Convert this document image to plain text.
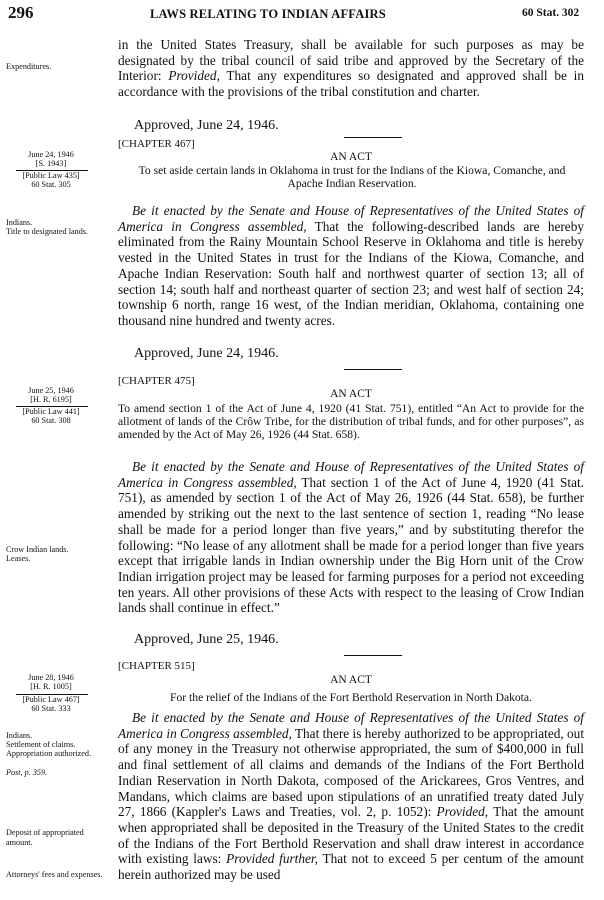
296	LAWS RELATING TO INDIAN AFFAIRS	60 Stat. 302
in the United States Treasury, shall be available for such purposes as may be designated by the tribal council of said tribe and approved by the Secretary of the Interior: Provided, That any expenditures so designated and approved shall be in accordance with the provisions of the tribal constitution and charter.
Expenditures.
Approved, June 24, 1946.
[CHAPTER 467]
AN ACT
To set aside certain lands in Oklahoma in trust for the Indians of the Kiowa, Comanche, and Apache Indian Reservation.
June 24, 1946
[S. 1943]
[Public Law 435]
60 Stat. 305
Be it enacted by the Senate and House of Representatives of the United States of America in Congress assembled, That the following-described lands are hereby eliminated from the Rainy Mountain School Reserve in Oklahoma and title is hereby vested in the United States in trust for the Indians of the Kiowa, Comanche, and Apache Indian Reservation: South half and northwest quarter of section 13; all of section 14; south half and northeast quarter of section 23; and west half of section 24; township 6 north, range 16 west, of the Indian meridian, Oklahoma, containing one thousand nine hundred and twenty acres.
Indians.
Title to designated lands.
Approved, June 24, 1946.
[CHAPTER 475]
AN ACT
To amend section 1 of the Act of June 4, 1920 (41 Stat. 751), entitled “An Act to provide for the allotment of lands of the Crôw Tribe, for the distribution of tribal funds, and for other purposes”, as amended by the Act of May 26, 1926 (44 Stat. 658).
June 25, 1946
[H. R. 6195]
[Public Law 441]
60 Stat. 308
Be it enacted by the Senate and House of Representatives of the United States of America in Congress assembled, That section 1 of the Act of June 4, 1920 (41 Stat. 751), as amended by section 1 of the Act of May 26, 1926 (44 Stat. 658), be further amended by striking out the next to the last sentence of section 1, reading “No lease shall be made for a period longer than five years,” and by substituting therefor the following: “No lease of any allotment shall be made for a period longer than five years except that irrigable lands in Indian ownership under the Big Horn unit of the Crow Indian irrigation project may be leased for farming purposes for a period not exceeding ten years. All other provisions of these Acts with respect to the leasing of Crow Indian lands shall continue in effect.”
Crow Indian lands.
Leases.
Approved, June 25, 1946.
[CHAPTER 515]
AN ACT
For the relief of the Indians of the Fort Berthold Reservation in North Dakota.
June 28, 1946
[H. R. 1005]
[Public Law 467]
60 Stat. 333
Be it enacted by the Senate and House of Representatives of the United States of America in Congress assembled, That there is hereby authorized to be appropriated, out of any money in the Treasury not otherwise appropriated, the sum of $400,000 in full and final settlement of all claims and demands of the Indians of the Fort Berthold Indian Reservation in North Dakota, composed of the Arickarees, Gros Ventres, and Mandans, which claims are based upon stipulations of an unratified treaty dated July 27, 1866 (Kappler's Laws and Treaties, vol. 2, p. 1052): Provided, That the amount when appropriated shall be deposited in the Treasury of the United States to the credit of the Indians of the Fort Berthold Reservation and shall draw interest in accordance with existing laws: Provided further, That not to exceed 5 per centum of the amount herein authorized may be used
Indians.
Settlement of claims.
Appropriation authorized.
Post, p. 359.
Deposit of appropriated amount.
Attorneys' fees and expenses.
